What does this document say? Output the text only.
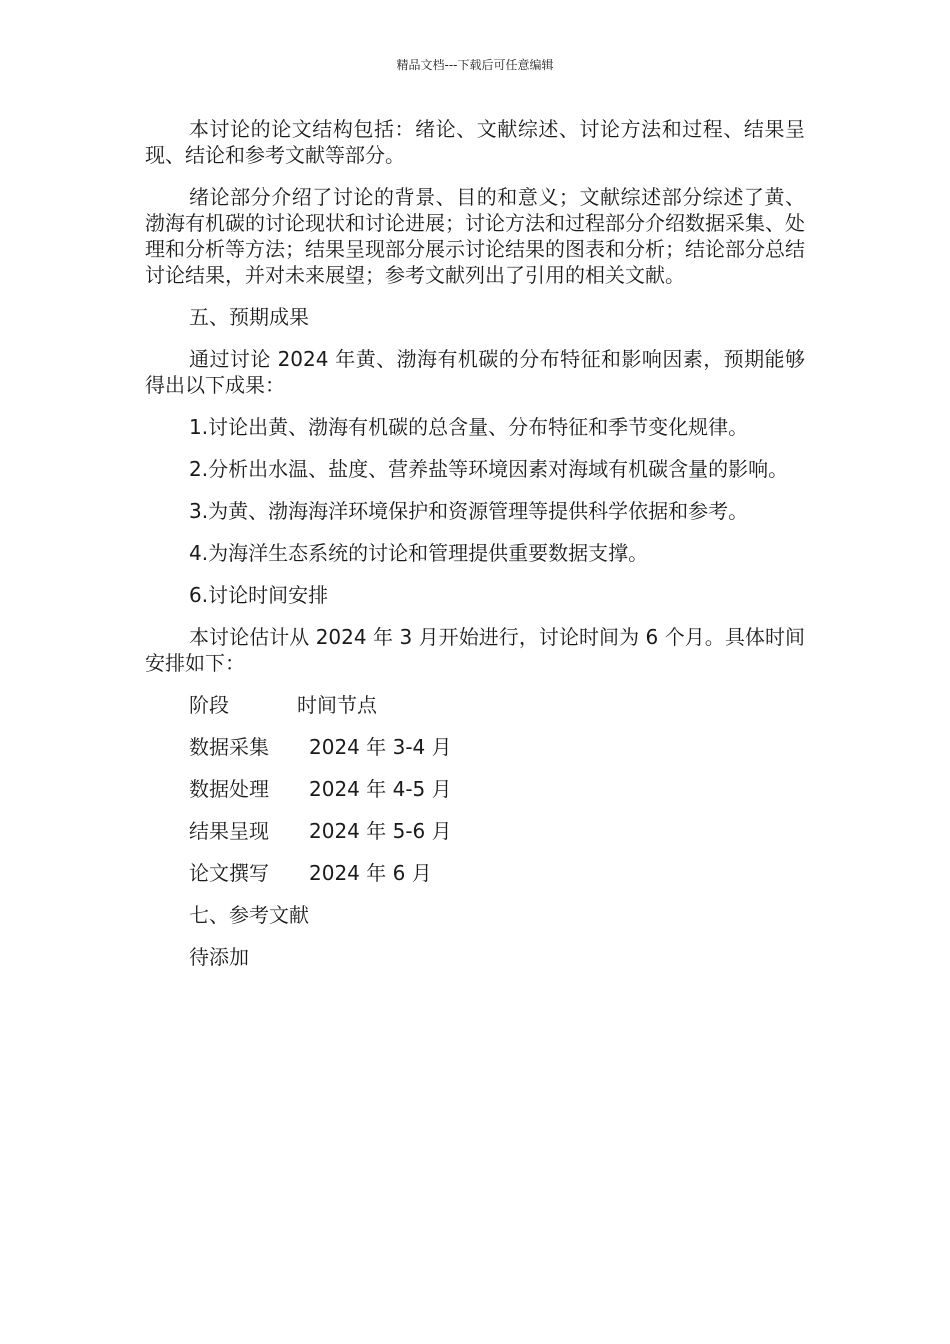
精品文档---下载后可任意编辑

本讨论的论文结构包括：绪论、文献综述、讨论方法和过程、结果呈现、结论和参考文献等部分。

绪论部分介绍了讨论的背景、目的和意义；文献综述部分综述了黄、渤海有机碳的讨论现状和讨论进展；讨论方法和过程部分介绍数据采集、处理和分析等方法；结果呈现部分展示讨论结果的图表和分析；结论部分总结讨论结果，并对未来展望；参考文献列出了引用的相关文献。

五、预期成果

通过讨论 2024 年黄、渤海有机碳的分布特征和影响因素，预期能够得出以下成果：

1.讨论出黄、渤海有机碳的总含量、分布特征和季节变化规律。

2.分析出水温、盐度、营养盐等环境因素对海域有机碳含量的影响。

3.为黄、渤海海洋环境保护和资源管理等提供科学依据和参考。

4.为海洋生态系统的讨论和管理提供重要数据支撑。

6.讨论时间安排

本讨论估计从 2024 年 3 月开始进行，讨论时间为 6 个月。具体时间安排如下：

阶段	时间节点
数据采集	2024 年 3-4 月
数据处理	2024 年 4-5 月
结果呈现	2024 年 5-6 月
论文撰写	2024 年 6 月

七、参考文献

待添加
